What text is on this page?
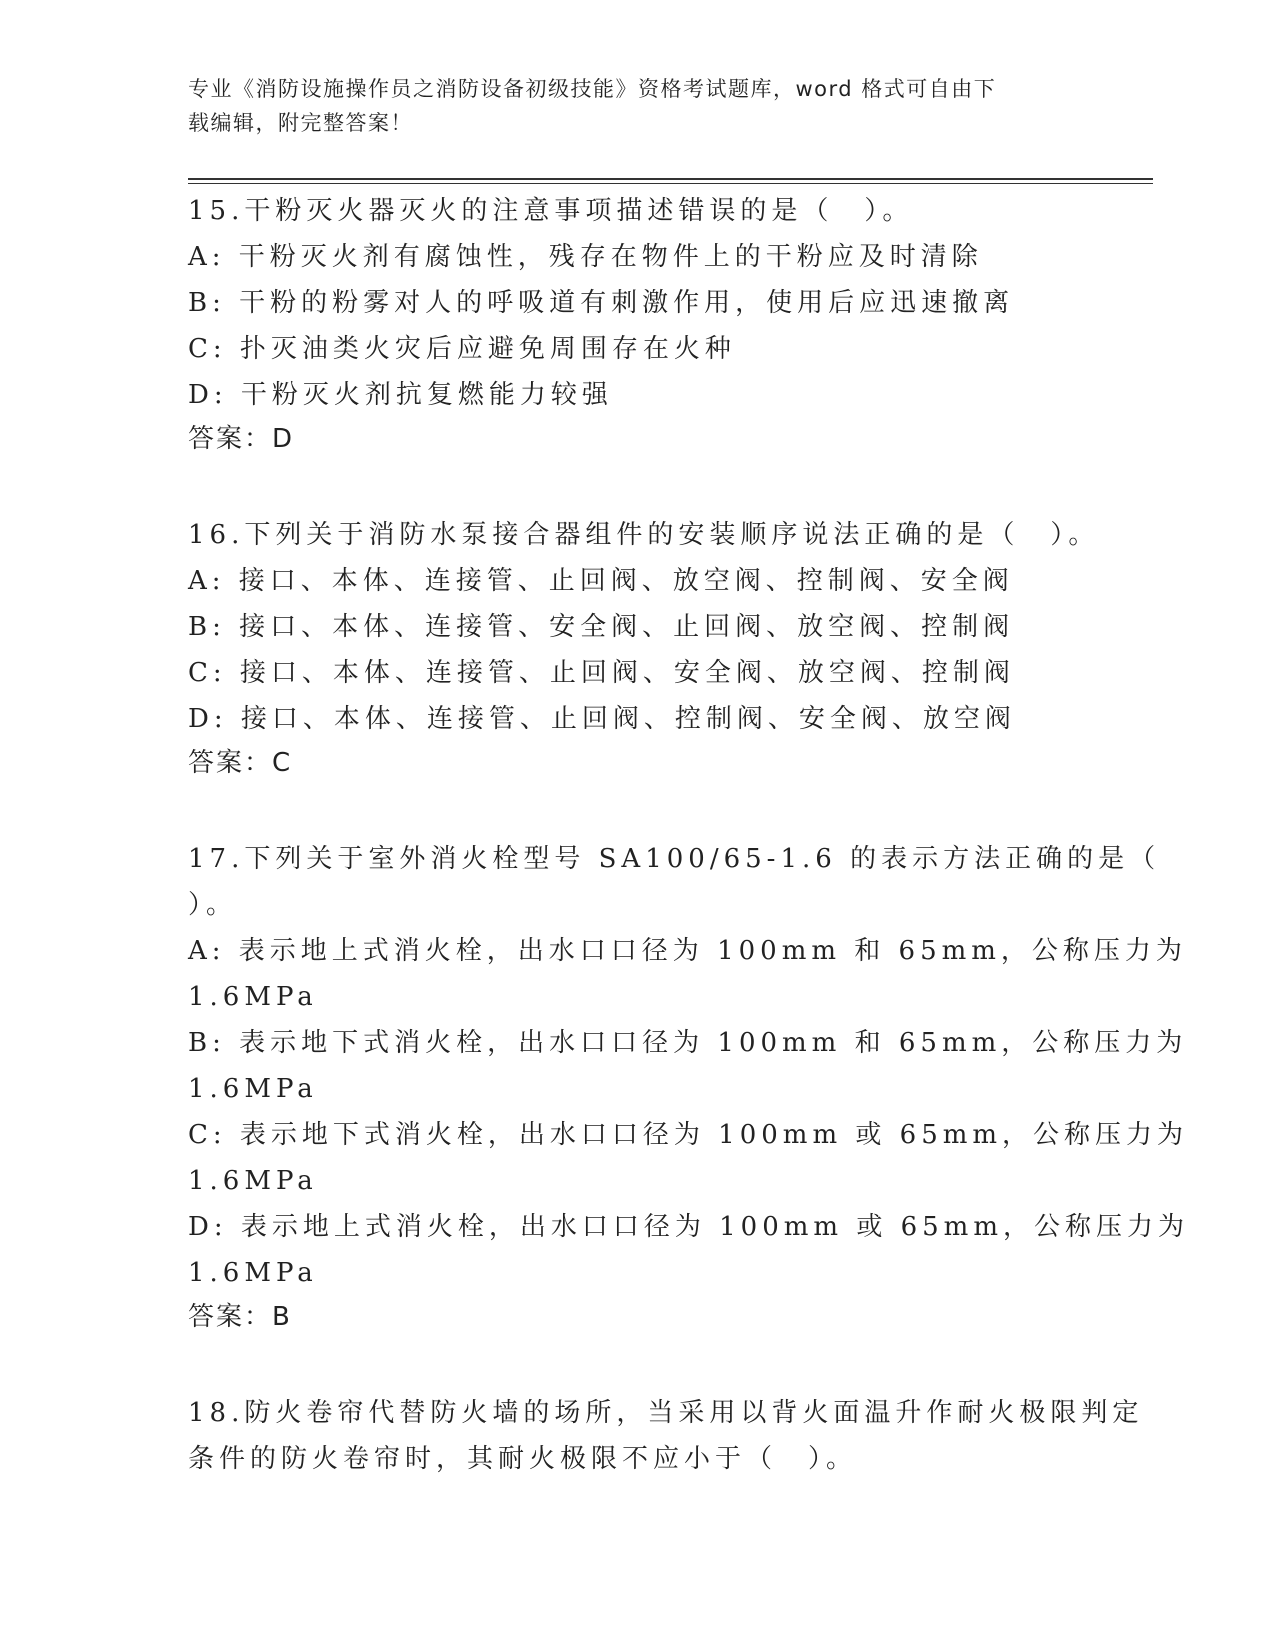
专业《消防设施操作员之消防设备初级技能》资格考试题库，word 格式可自由下
载编辑，附完整答案！
15.干粉灭火器灭火的注意事项描述错误的是（　）。
A: 干粉灭火剂有腐蚀性，残存在物件上的干粉应及时清除
B: 干粉的粉雾对人的呼吸道有刺激作用，使用后应迅速撤离
C: 扑灭油类火灾后应避免周围存在火种
D: 干粉灭火剂抗复燃能力较强
答案：D
16.下列关于消防水泵接合器组件的安装顺序说法正确的是（　）。
A: 接口、本体、连接管、止回阀、放空阀、控制阀、安全阀
B: 接口、本体、连接管、安全阀、止回阀、放空阀、控制阀
C: 接口、本体、连接管、止回阀、安全阀、放空阀、控制阀
D: 接口、本体、连接管、止回阀、控制阀、安全阀、放空阀
答案：C
17.下列关于室外消火栓型号 SA100/65-1.6 的表示方法正确的是（
）。
A: 表示地上式消火栓，出水口口径为 100mm 和 65mm，公称压力为
1.6MPa
B: 表示地下式消火栓，出水口口径为 100mm 和 65mm，公称压力为
1.6MPa
C: 表示地下式消火栓，出水口口径为 100mm 或 65mm，公称压力为
1.6MPa
D: 表示地上式消火栓，出水口口径为 100mm 或 65mm，公称压力为
1.6MPa
答案：B
18.防火卷帘代替防火墙的场所，当采用以背火面温升作耐火极限判定
条件的防火卷帘时，其耐火极限不应小于（　）。
